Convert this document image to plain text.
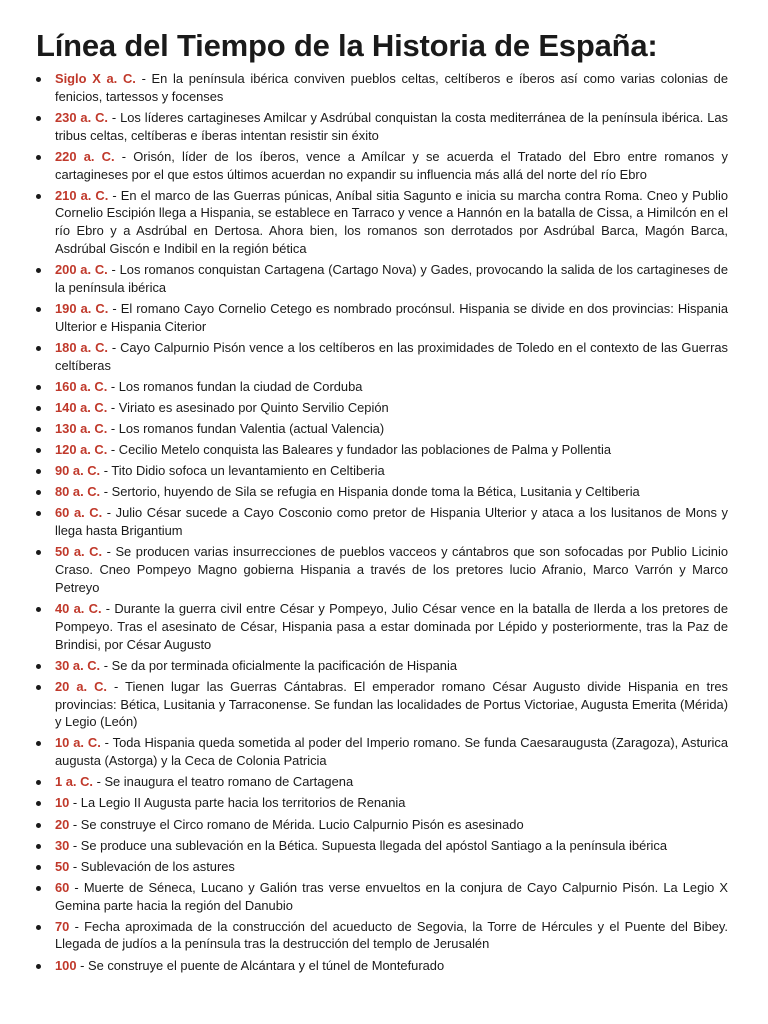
Línea del Tiempo de la Historia de España:
Siglo X a. C. - En la península ibérica conviven pueblos celtas, celtíberos e íberos así como varias colonias de fenicios, tartessos y focenses
230 a. C. - Los líderes cartagineses Amilcar y Asdrúbal conquistan la costa mediterránea de la península ibérica. Las tribus celtas, celtíberas e íberas intentan resistir sin éxito
220 a. C. - Orisón, líder de los íberos, vence a Amílcar y se acuerda el Tratado del Ebro entre romanos y cartagineses por el que estos últimos acuerdan no expandir su influencia más allá del norte del río Ebro
210 a. C. - En el marco de las Guerras púnicas, Aníbal sitia Sagunto e inicia su marcha contra Roma. Cneo y Publio Cornelio Escipión llega a Hispania, se establece en Tarraco y vence a Hannón en la batalla de Cissa, a Himilcón en el río Ebro y a Asdrúbal en Dertosa. Ahora bien, los romanos son derrotados por Asdrúbal Barca, Magón Barca, Asdrúbal Giscón e Indibil en la región bética
200 a. C. - Los romanos conquistan Cartagena (Cartago Nova) y Gades, provocando la salida de los cartagineses de la península ibérica
190 a. C. - El romano Cayo Cornelio Cetego es nombrado procónsul. Hispania se divide en dos provincias: Hispania Ulterior e Hispania Citerior
180 a. C. - Cayo Calpurnio Pisón vence a los celtíberos en las proximidades de Toledo en el contexto de las Guerras celtíberas
160 a. C. - Los romanos fundan la ciudad de Corduba
140 a. C. - Viriato es asesinado por Quinto Servilio Cepión
130 a. C. - Los romanos fundan Valentia (actual Valencia)
120 a. C. - Cecilio Metelo conquista las Baleares y fundador las poblaciones de Palma y Pollentia
90 a. C. - Tito Didio sofoca un levantamiento en Celtiberia
80 a. C. - Sertorio, huyendo de Sila se refugia en Hispania donde toma la Bética, Lusitania y Celtiberia
60 a. C. - Julio César sucede a Cayo Cosconio como pretor de Hispania Ulterior y ataca a los lusitanos de Mons y llega hasta Brigantium
50 a. C. - Se producen varias insurrecciones de pueblos vacceos y cántabros que son sofocadas por Publio Licinio Craso. Cneo Pompeyo Magno gobierna Hispania a través de los pretores lucio Afranio, Marco Varrón y Marco Petreyo
40 a. C. - Durante la guerra civil entre César y Pompeyo, Julio César vence en la batalla de Ilerda a los pretores de Pompeyo. Tras el asesinato de César, Hispania pasa a estar dominada por Lépido y posteriormente, tras la Paz de Brindisi, por César Augusto
30 a. C. - Se da por terminada oficialmente la pacificación de Hispania
20 a. C. - Tienen lugar las Guerras Cántabras. El emperador romano César Augusto divide Hispania en tres provincias: Bética, Lusitania y Tarraconense. Se fundan las localidades de Portus Victoriae, Augusta Emerita (Mérida) y Legio (León)
10 a. C. - Toda Hispania queda sometida al poder del Imperio romano. Se funda Caesaraugusta (Zaragoza), Asturica augusta (Astorga) y la Ceca de Colonia Patricia
1 a. C. - Se inaugura el teatro romano de Cartagena
10 - La Legio II Augusta parte hacia los territorios de Renania
20 - Se construye el Circo romano de Mérida. Lucio Calpurnio Pisón es asesinado
30 - Se produce una sublevación en la Bética. Supuesta llegada del apóstol Santiago a la península ibérica
50 - Sublevación de los astures
60 - Muerte de Séneca, Lucano y Galión tras verse envueltos en la conjura de Cayo Calpurnio Pisón. La Legio X Gemina parte hacia la región del Danubio
70 - Fecha aproximada de la construcción del acueducto de Segovia, la Torre de Hércules y el Puente del Bibey. Llegada de judíos a la península tras la destrucción del templo de Jerusalén
100 - Se construye el puente de Alcántara y el túnel de Montefurado
